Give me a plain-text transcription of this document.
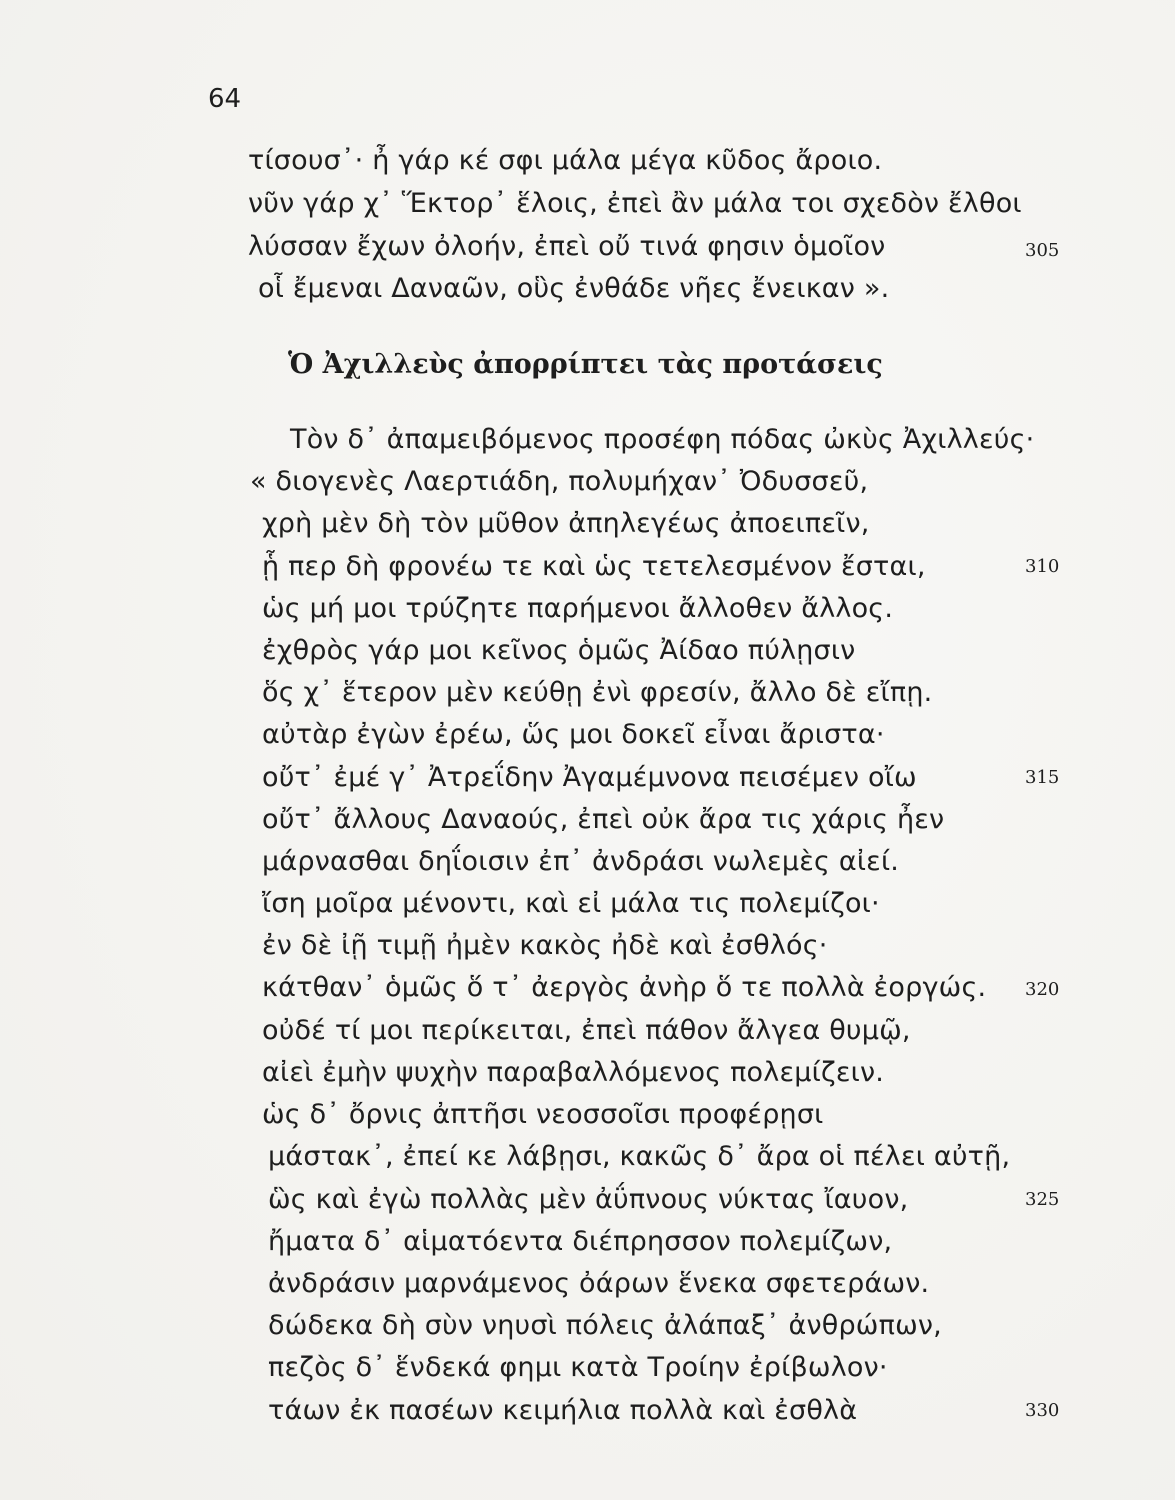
64
τίσουσ᾽· ἦ γάρ κέ σφι μάλα μέγα κῦδος ἄροιο.
νῦν γάρ χ᾽ Ἕκτορ᾽ ἕλοις, ἐπεὶ ἂν μάλα τοι σχεδὸν ἔλθοι
λύσσαν ἔχων ὀλοήν, ἐπεὶ οὔ τινά φησιν ὁμοῖον
οἷ ἔμεναι Δαναῶν, οὓς ἐνθάδε νῆες ἔνεικαν ».
Ὁ Ἀχιλλεὺς ἀπορρίπτει τὰς προτάσεις
Τὸν δ᾽ ἀπαμειβόμενος προσέφη πόδας ὠκὺς Ἀχιλλεύς·
« διογενὲς Λαερτιάδη, πολυμήχαν᾽ Ὀδυσσεῦ,
χρὴ μὲν δὴ τὸν μῦθον ἀπηλεγέως ἀποειπεῖν,
ᾗ περ δὴ φρονέω τε καὶ ὡς τετελεσμένον ἔσται,
ὡς μή μοι τρύζητε παρήμενοι ἄλλοθεν ἄλλος.
ἐχθρὸς γάρ μοι κεῖνος ὁμῶς Ἀίδαο πύλῃσιν
ὅς χ᾽ ἕτερον μὲν κεύθῃ ἐνὶ φρεσίν, ἄλλο δὲ εἴπῃ.
αὐτὰρ ἐγὼν ἐρέω, ὥς μοι δοκεῖ εἶναι ἄριστα·
οὔτ᾽ ἐμέ γ᾽ Ἀτρεΐδην Ἀγαμέμνονα πεισέμεν οἴω
οὔτ᾽ ἄλλους Δαναούς, ἐπεὶ οὐκ ἄρα τις χάρις ἦεν
μάρνασθαι δηΐοισιν ἐπ᾽ ἀνδράσι νωλεμὲς αἰεί.
ἴση μοῖρα μένοντι, καὶ εἰ μάλα τις πολεμίζοι·
ἐν δὲ ἰῇ τιμῇ ἠμὲν κακὸς ἠδὲ καὶ ἐσθλός·
κάτθαν᾽ ὁμῶς ὅ τ᾽ ἀεργὸς ἀνὴρ ὅ τε πολλὰ ἐοργώς.
οὐδέ τί μοι περίκειται, ἐπεὶ πάθον ἄλγεα θυμῷ,
αἰεὶ ἐμὴν ψυχὴν παραβαλλόμενος πολεμίζειν.
ὡς δ᾽ ὄρνις ἀπτῆσι νεοσσοῖσι προφέρῃσι
μάστακ᾽, ἐπεί κε λάβῃσι, κακῶς δ᾽ ἄρα οἱ πέλει αὐτῇ,
ὣς καὶ ἐγὼ πολλὰς μὲν ἀΰπνους νύκτας ἴαυον,
ἤματα δ᾽ αἱματόεντα διέπρησσον πολεμίζων,
ἀνδράσιν μαρνάμενος ὀάρων ἕνεκα σφετεράων.
δώδεκα δὴ σὺν νηυσὶ πόλεις ἀλάπαξ᾽ ἀνθρώπων,
πεζὸς δ᾽ ἕνδεκά φημι κατὰ Τροίην ἐρίβωλον·
τάων ἐκ πασέων κειμήλια πολλὰ καὶ ἐσθλὰ
305
310
315
320
325
330
